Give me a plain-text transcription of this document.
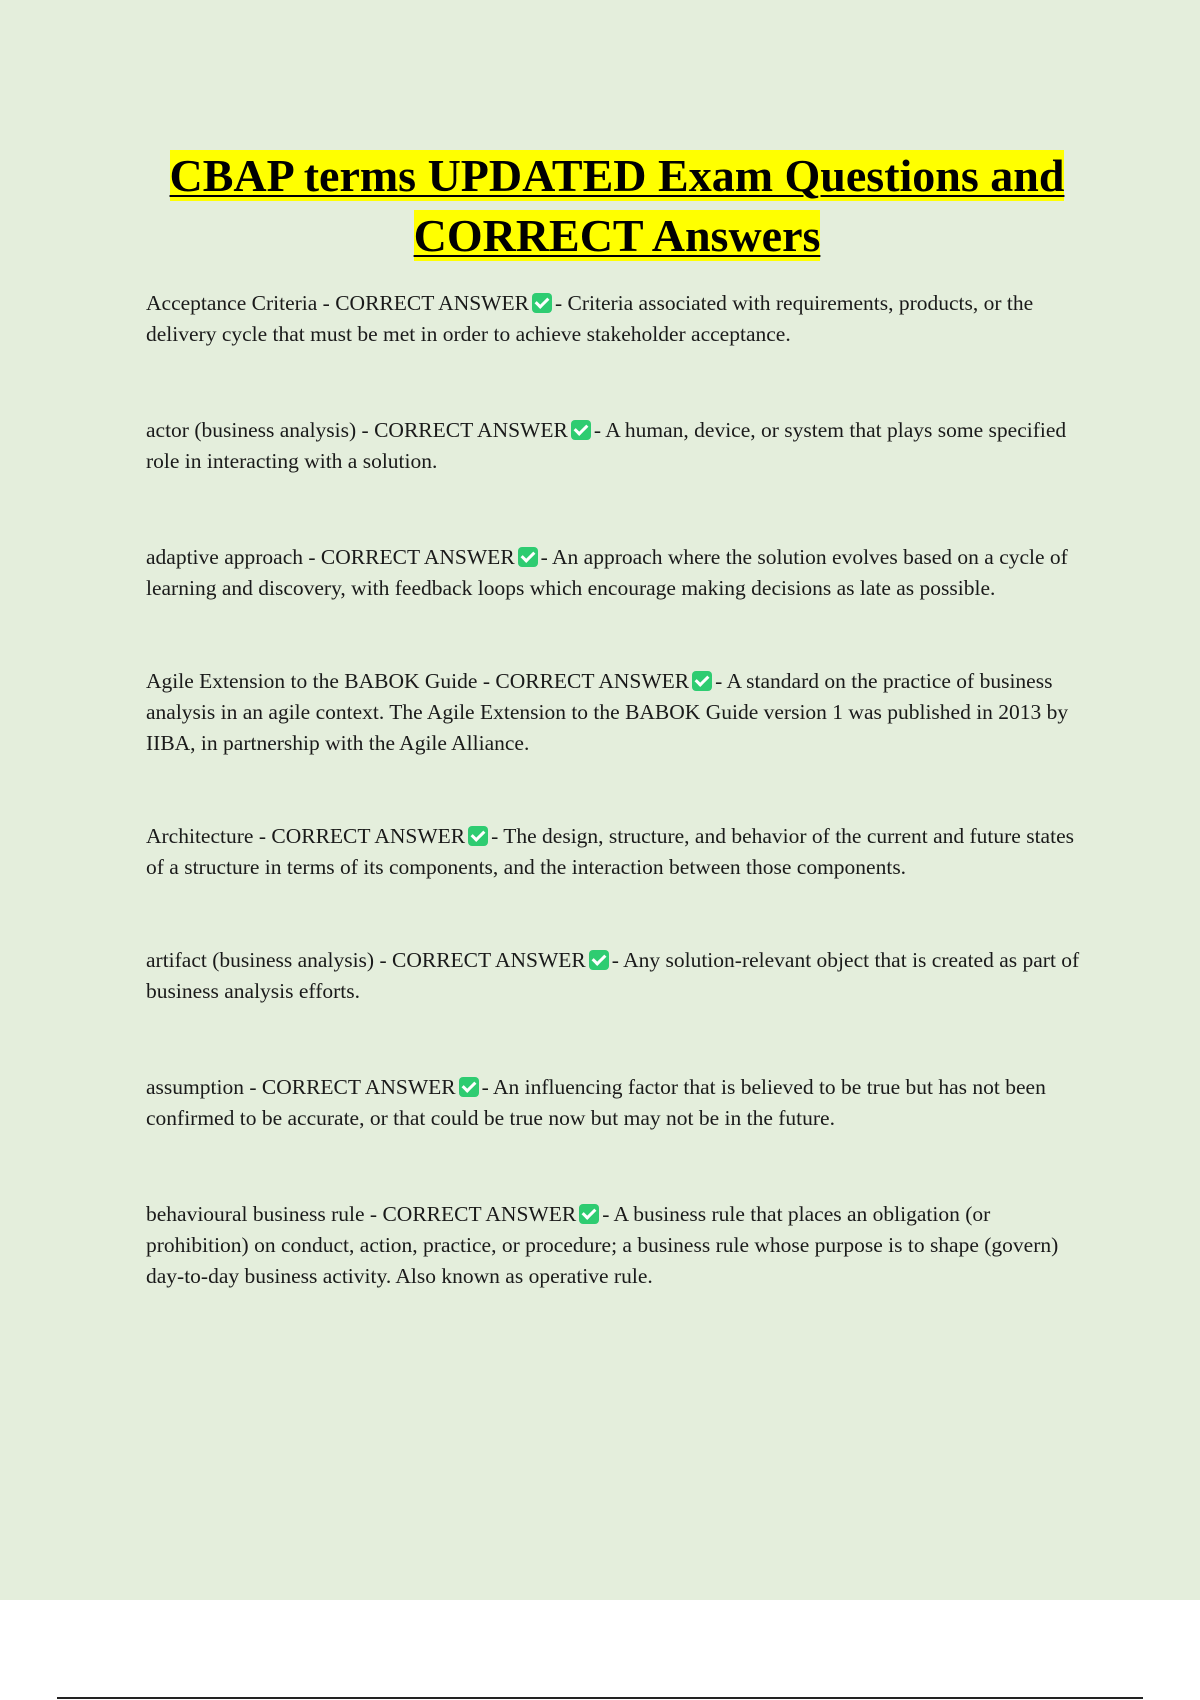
CBAP terms UPDATED Exam Questions and
CORRECT Answers

Acceptance Criteria - CORRECT ANSWER - Criteria associated with requirements, products, or the delivery cycle that must be met in order to achieve stakeholder acceptance.

actor (business analysis) - CORRECT ANSWER - A human, device, or system that plays some specified role in interacting with a solution.

adaptive approach - CORRECT ANSWER - An approach where the solution evolves based on a cycle of learning and discovery, with feedback loops which encourage making decisions as late as possible.

Agile Extension to the BABOK Guide - CORRECT ANSWER - A standard on the practice of business analysis in an agile context. The Agile Extension to the BABOK Guide version 1 was published in 2013 by IIBA, in partnership with the Agile Alliance.

Architecture - CORRECT ANSWER - The design, structure, and behavior of the current and future states of a structure in terms of its components, and the interaction between those components.

artifact (business analysis) - CORRECT ANSWER - Any solution-relevant object that is created as part of business analysis efforts.

assumption - CORRECT ANSWER - An influencing factor that is believed to be true but has not been confirmed to be accurate, or that could be true now but may not be in the future.

behavioural business rule - CORRECT ANSWER - A business rule that places an obligation (or prohibition) on conduct, action, practice, or procedure; a business rule whose purpose is to shape (govern) day-to-day business activity. Also known as operative rule.
